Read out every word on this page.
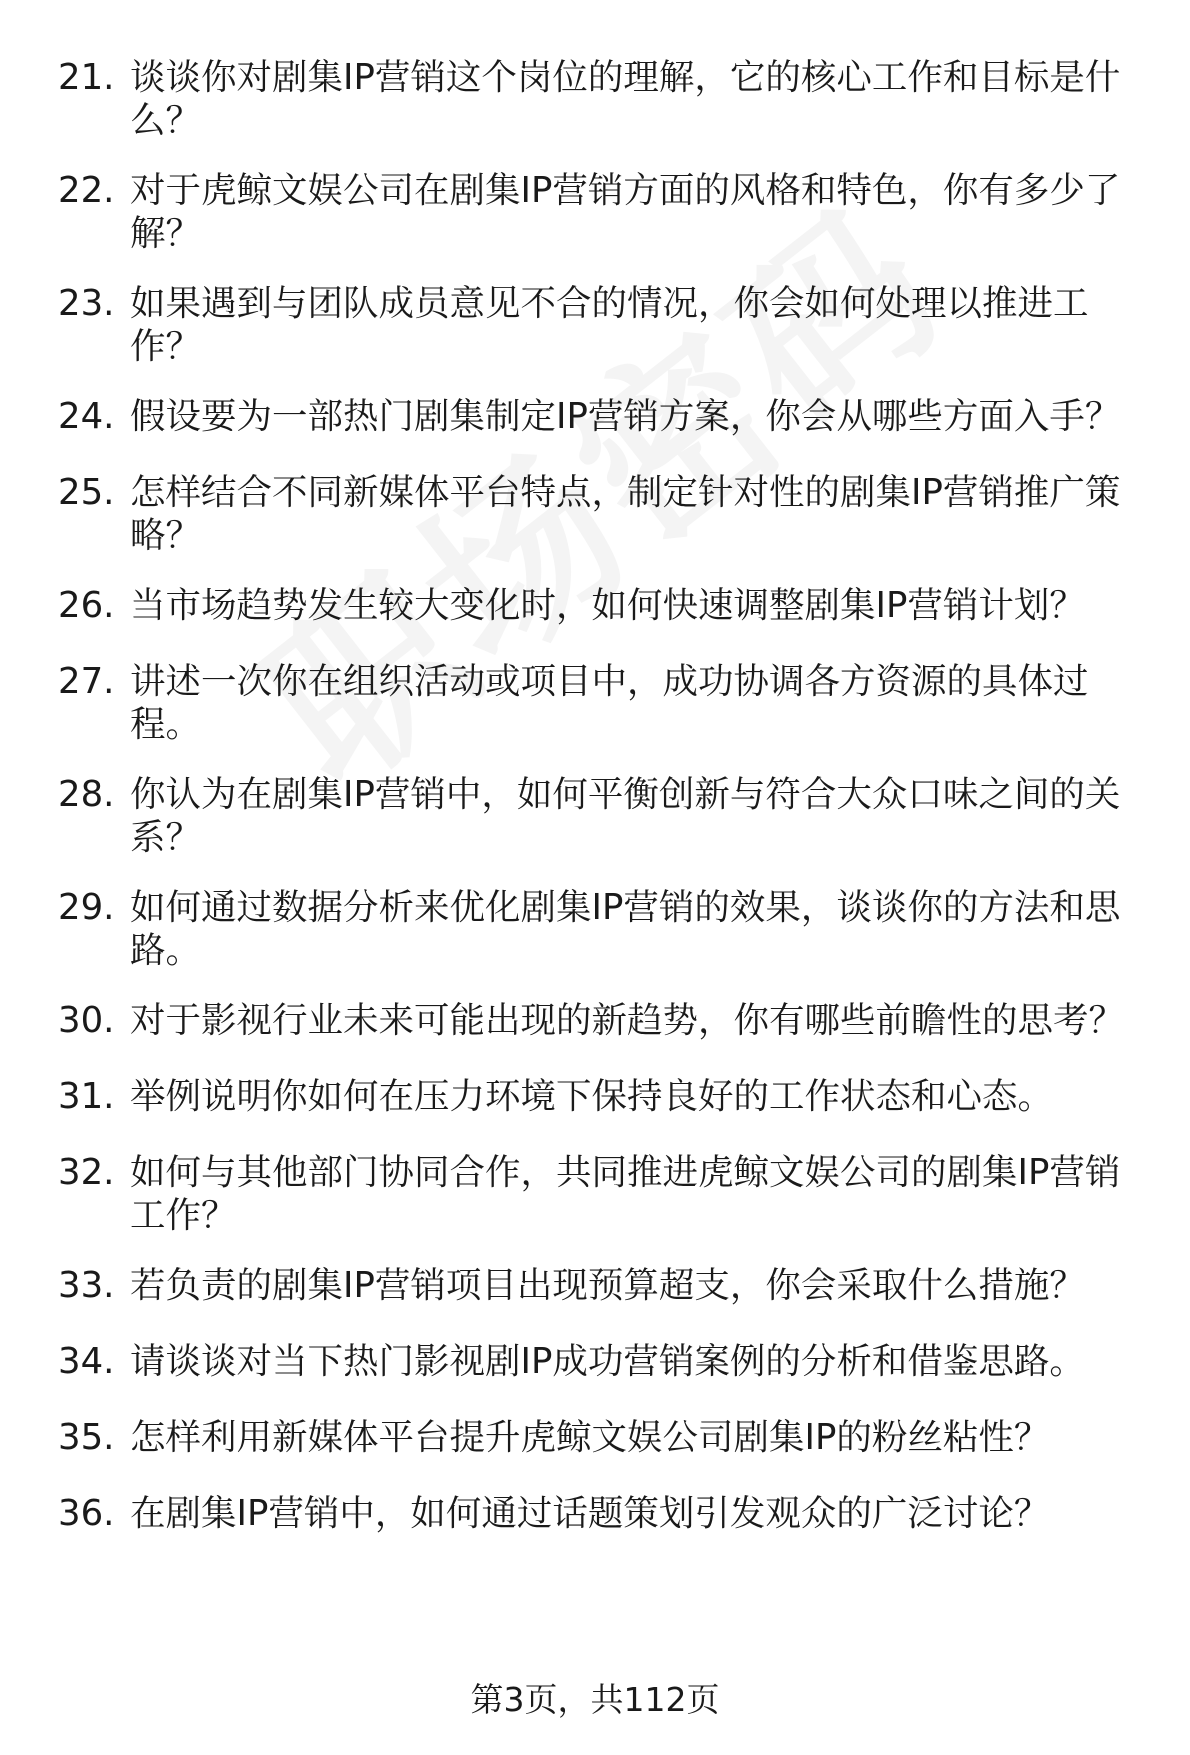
21. 谈谈你对剧集IP营销这个岗位的理解，它的核心工作和目标是什么？
22. 对于虎鲸文娱公司在剧集IP营销方面的风格和特色，你有多少了解？
23. 如果遇到与团队成员意见不合的情况，你会如何处理以推进工作？
24. 假设要为一部热门剧集制定IP营销方案，你会从哪些方面入手？
25. 怎样结合不同新媒体平台特点，制定针对性的剧集IP营销推广策略？
26. 当市场趋势发生较大变化时，如何快速调整剧集IP营销计划？
27. 讲述一次你在组织活动或项目中，成功协调各方资源的具体过程。
28. 你认为在剧集IP营销中，如何平衡创新与符合大众口味之间的关系？
29. 如何通过数据分析来优化剧集IP营销的效果，谈谈你的方法和思路。
30. 对于影视行业未来可能出现的新趋势，你有哪些前瞻性的思考？
31. 举例说明你如何在压力环境下保持良好的工作状态和心态。
32. 如何与其他部门协同合作，共同推进虎鲸文娱公司的剧集IP营销工作？
33. 若负责的剧集IP营销项目出现预算超支，你会采取什么措施？
34. 请谈谈对当下热门影视剧IP成功营销案例的分析和借鉴思路。
35. 怎样利用新媒体平台提升虎鲸文娱公司剧集IP的粉丝粘性？
36. 在剧集IP营销中，如何通过话题策划引发观众的广泛讨论？
第3页，共112页
